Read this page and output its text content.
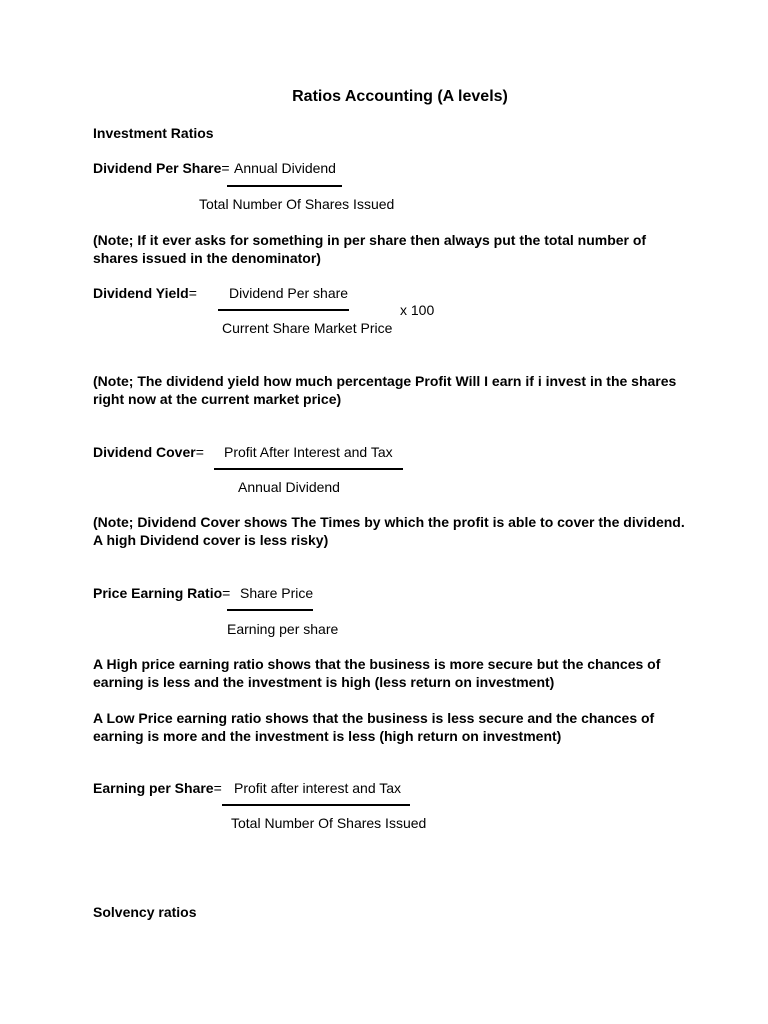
Ratios Accounting (A levels)
Investment Ratios
Dividend Per Share= Annual Dividend
Total Number Of Shares Issued
(Note; If it ever asks for something in per share then always put the total number of shares issued in the denominator)
Dividend Yield= Dividend Per share
x 100
Current Share Market Price
(Note; The dividend yield how much percentage Profit Will I earn if i invest in the shares right now at the current market price)
Dividend Cover= Profit After Interest and Tax
Annual Dividend
(Note; Dividend Cover shows The Times by which the profit is able to cover the dividend. A high Dividend cover is less risky)
Price Earning Ratio= Share Price
Earning per share
A High price earning ratio shows that the business is more secure but the chances of earning is less and the investment is high (less return on investment)
A Low Price earning ratio shows that the business is less secure and the chances of earning is more and the investment is less (high return on investment)
Earning per Share= Profit after interest and Tax
Total Number Of Shares Issued
Solvency ratios
